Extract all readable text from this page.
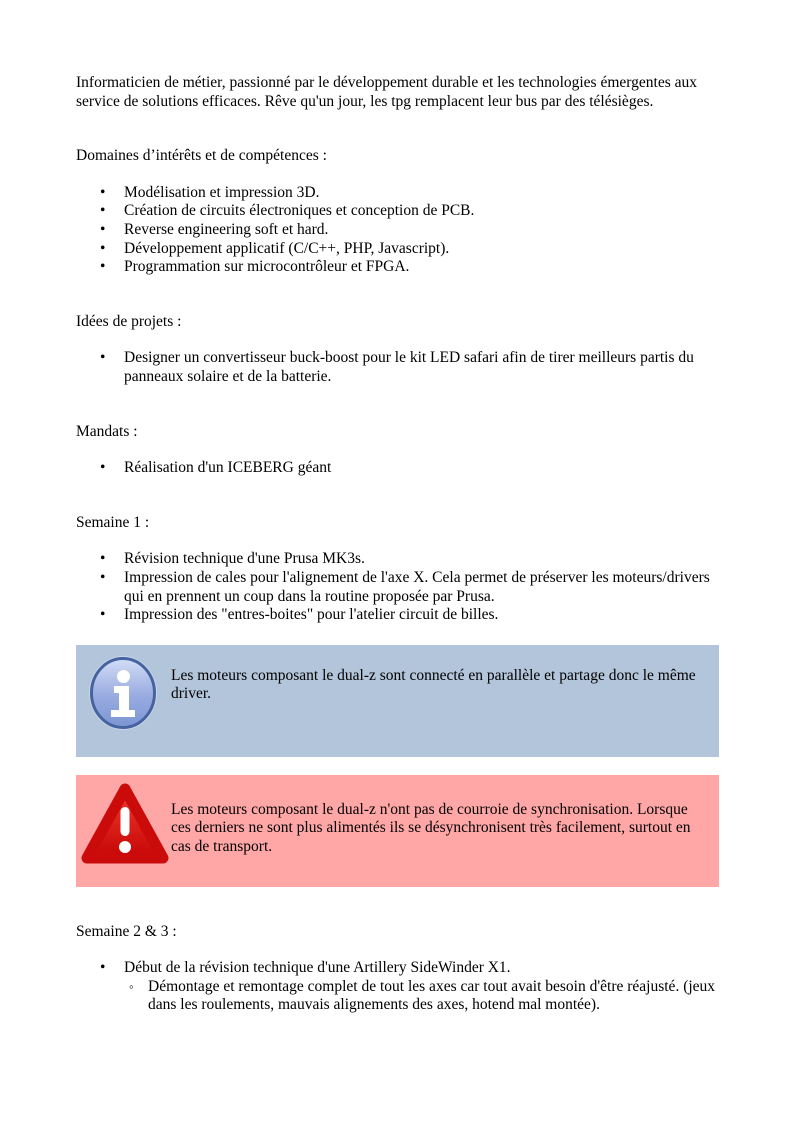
Informaticien de métier, passionné par le développement durable et les technologies émergentes aux service de solutions efficaces. Rêve qu'un jour, les tpg remplacent leur bus par des télésièges.

Domaines d’intérêts et de compétences :

• Modélisation et impression 3D.
• Création de circuits électroniques et conception de PCB.
• Reverse engineering soft et hard.
• Développement applicatif (C/C++, PHP, Javascript).
• Programmation sur microcontrôleur et FPGA.

Idées de projets :

• Designer un convertisseur buck-boost pour le kit LED safari afin de tirer meilleurs partis du panneaux solaire et de la batterie.

Mandats :

• Réalisation d'un ICEBERG géant

Semaine 1 :

• Révision technique d'une Prusa MK3s.
• Impression de cales pour l'alignement de l'axe X. Cela permet de préserver les moteurs/drivers qui en prennent un coup dans la routine proposée par Prusa.
• Impression des "entres-boites" pour l'atelier circuit de billes.

Les moteurs composant le dual-z sont connecté en parallèle et partage donc le même driver.

Les moteurs composant le dual-z n'ont pas de courroie de synchronisation. Lorsque ces derniers ne sont plus alimentés ils se désynchronisent très facilement, surtout en cas de transport.

Semaine 2 & 3 :

• Début de la révision technique d'une Artillery SideWinder X1.
◦ Démontage et remontage complet de tout les axes car tout avait besoin d'être réajusté. (jeux dans les roulements, mauvais alignements des axes, hotend mal montée).
